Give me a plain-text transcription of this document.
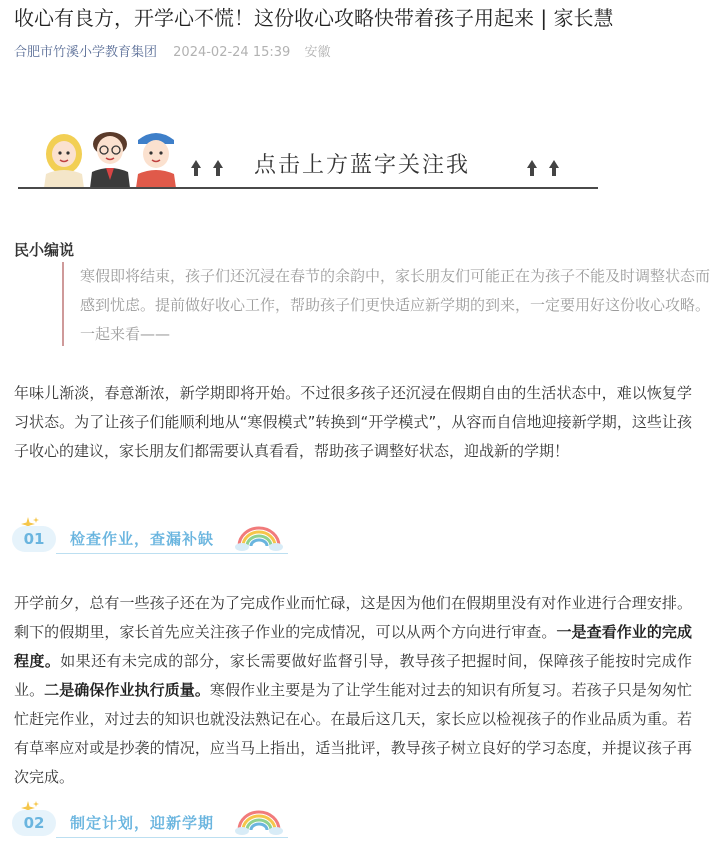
收心有良方，开学心不慌！这份收心攻略快带着孩子用起来 | 家长慧
合肥市竹溪小学教育集团 2024-02-24 15:39 安徽
点击上方蓝字关注我
民小编说
寒假即将结束，孩子们还沉浸在春节的余韵中，家长朋友们可能正在为孩子不能及时调整状态而感到忧虑。提前做好收心工作，帮助孩子们更快适应新学期的到来，一定要用好这份收心攻略。一起来看——
年味儿渐淡，春意渐浓，新学期即将开始。不过很多孩子还沉浸在假期自由的生活状态中，难以恢复学习状态。为了让孩子们能顺利地从“寒假模式”转换到“开学模式”，从容而自信地迎接新学期，这些让孩子收心的建议，家长朋友们都需要认真看看，帮助孩子调整好状态，迎战新的学期！
01	检查作业，查漏补缺
开学前夕，总有一些孩子还在为了完成作业而忙碌，这是因为他们在假期里没有对作业进行合理安排。剩下的假期里，家长首先应关注孩子作业的完成情况，可以从两个方向进行审查。一是查看作业的完成程度。如果还有未完成的部分，家长需要做好监督引导，教导孩子把握时间，保障孩子能按时完成作业。二是确保作业执行质量。寒假作业主要是为了让学生能对过去的知识有所复习。若孩子只是匆匆忙忙赶完作业，对过去的知识也就没法熟记在心。在最后这几天，家长应以检视孩子的作业品质为重。若有草率应对或是抄袭的情况，应当马上指出，适当批评，教导孩子树立良好的学习态度，并提议孩子再次完成。
02	制定计划，迎新学期
